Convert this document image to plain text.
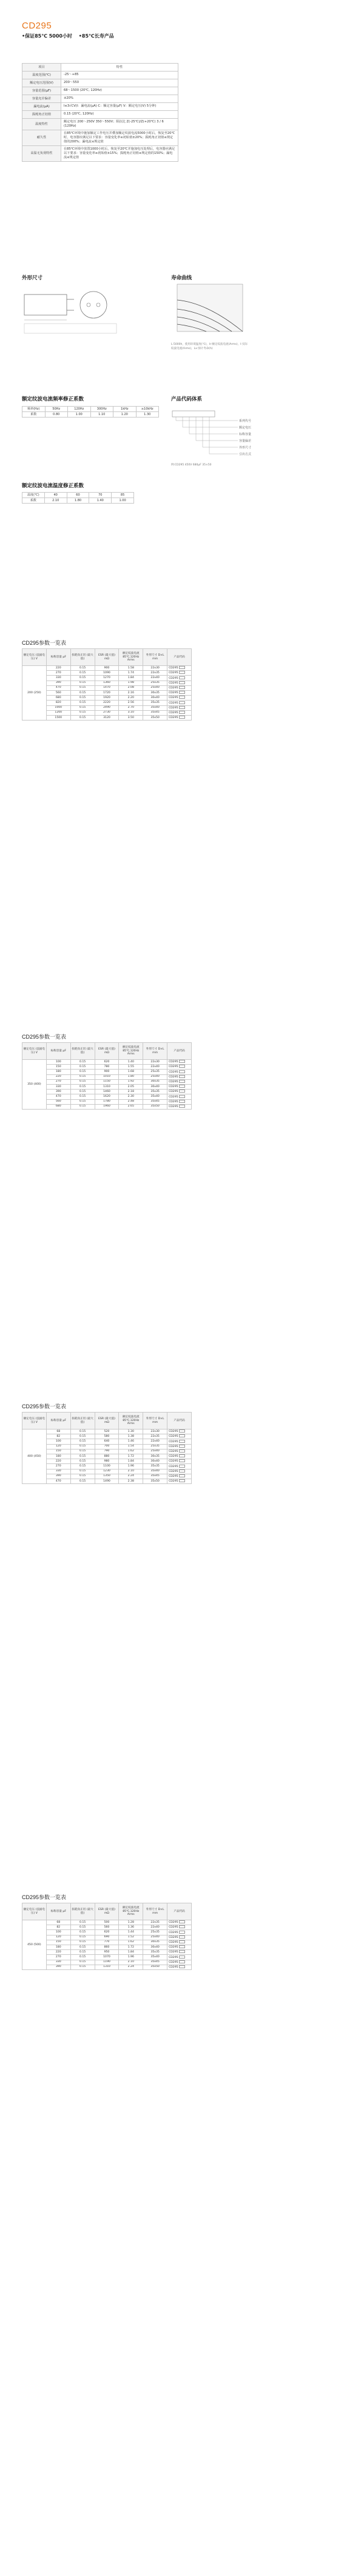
CD295
•保证85℃ 5000小时 •85℃长寿产品
项目	特性
温度范围(℃)	-25～+85
额定电压范围(V)	200～550
容量范围(μF)	68～1500 (20℃, 120Hz)
容量允许偏差	±20%
漏电流(μA)	I≤3√CV(I：漏电流(μA) C：额定容量(μF) V：额定电压(V) 5分钟)
损耗角正切值	0.15 (20℃, 120Hz)
温度特性	额定电压 200～250V 350～550V；阻抗比 Z(-25℃)/Z(+20℃) 3 / 6 (120Hz)
耐久性	在85℃环境中施加额定工作电压并叠加额定纹波电流5000小时后，恢复至20℃时，电容器应满足以下要求：容量变化率≤初始值±20%；损耗角正切值≤规定值的200%；漏电流≤规定值
高温无负荷特性	在85℃环境中放置1000小时后，恢复至20℃并施加电压处理后，电容器应满足以下要求：容量变化率≤初始值±15%；损耗角正切值≤规定值的150%；漏电流≤规定值
外形尺寸	寿命曲线
L:5000h，使用环境温度(℃)，Ir:额定纹波电流(Arms)，I:实际纹波电流(Arms)，Lx:预计寿命(h)
额定纹波电流频率修正系数
频率(Hz)	50Hz	120Hz	300Hz	1kHz	≥10kHz
系数	0.80	1.00	1.10	1.20	1.30
产品代码体系
系列代号
额定电压
标称容量
容量偏差
外形尺寸
引出方式
例:CD295 450V 680μF 35×50
额定纹波电流温度修正系数
温度(℃)	40	60	70	85
系数	2.10	1.80	1.40	1.00
CD295参数一览表
额定电压 (浪涌电压) V	标称容量 μF	损耗角正切 (最大值)	ESR (最大值) mΩ	额定纹波电流 85℃,120Hz Arms	外形尺寸 D×L mm	产品代码
200 (250)	220	0.15	900	1.58	22x30	CD295
	270	0.15	1090	1.74	22x35	CD295
	330	0.15	1270	1.84	22x40	CD295
	390	0.15	1360	1.98	25x35	CD295
	470	0.15	1470	2.08	25x40	CD295
	560	0.15	1720	2.16	30x35	CD295
	680	0.15	1920	2.20	30x40	CD295
	820	0.15	2220	2.56	35x35	CD295
	1000	0.15	2490	2.70	35x40	CD295
	1200	0.15	2730	3.10	35x45	CD295
	1500	0.15	3120	3.50	35x50	CD295
CD295参数一览表
额定电压 (浪涌电压) V	标称容量 μF	损耗角正切 (最大值)	ESR (最大值) mΩ	额定纹波电流 85℃,120Hz Arms	外形尺寸 D×L mm	产品代码
350 (400)	100	0.15	620	1.40	22x30	CD295
	150	0.15	780	1.55	22x40	CD295
	180	0.15	900	1.68	25x35	CD295
	220	0.15	1010	1.80	25x40	CD295
	270	0.15	1150	1.92	30x35	CD295
	330	0.15	1310	2.05	30x40	CD295
	390	0.15	1460	2.18	35x35	CD295
	470	0.15	1620	2.30	35x40	CD295
	560	0.15	1780	2.48	35x45	CD295
	680	0.15	1960	2.65	35x50	CD295
CD295参数一览表
额定电压 (浪涌电压) V	标称容量 μF	损耗角正切 (最大值)	ESR (最大值) mΩ	额定纹波电流 85℃,120Hz Arms	外形尺寸 D×L mm	产品代码
400 (450)	68	0.15	520	1.30	22x30	CD295
	82	0.15	580	1.38	22x35	CD295
	100	0.15	640	1.46	22x40	CD295
	120	0.15	700	1.54	25x35	CD295
	150	0.15	790	1.62	25x40	CD295
	180	0.15	880	1.72	30x35	CD295
	220	0.15	980	1.84	30x40	CD295
	270	0.15	1100	1.96	35x35	CD295
	330	0.15	1230	2.10	35x40	CD295
	390	0.15	1350	2.24	35x45	CD295
	470	0.15	1490	2.38	35x50	CD295
CD295参数一览表
额定电压 (浪涌电压) V	标称容量 μF	损耗角正切 (最大值)	ESR (最大值) mΩ	额定纹波电流 85℃,120Hz Arms	外形尺寸 D×L mm	产品代码
450 (500)	68	0.15	500	1.28	22x35	CD295
	82	0.15	560	1.36	22x40	CD295
	100	0.15	620	1.44	25x35	CD295
	120	0.15	690	1.52	25x40	CD295
	150	0.15	770	1.62	30x35	CD295
	180	0.15	860	1.72	30x40	CD295
	220	0.15	950	1.84	35x35	CD295
	270	0.15	1070	1.96	35x40	CD295
	330	0.15	1190	2.10	35x45	CD295
	390	0.15	1310	2.24	35x50	CD295
